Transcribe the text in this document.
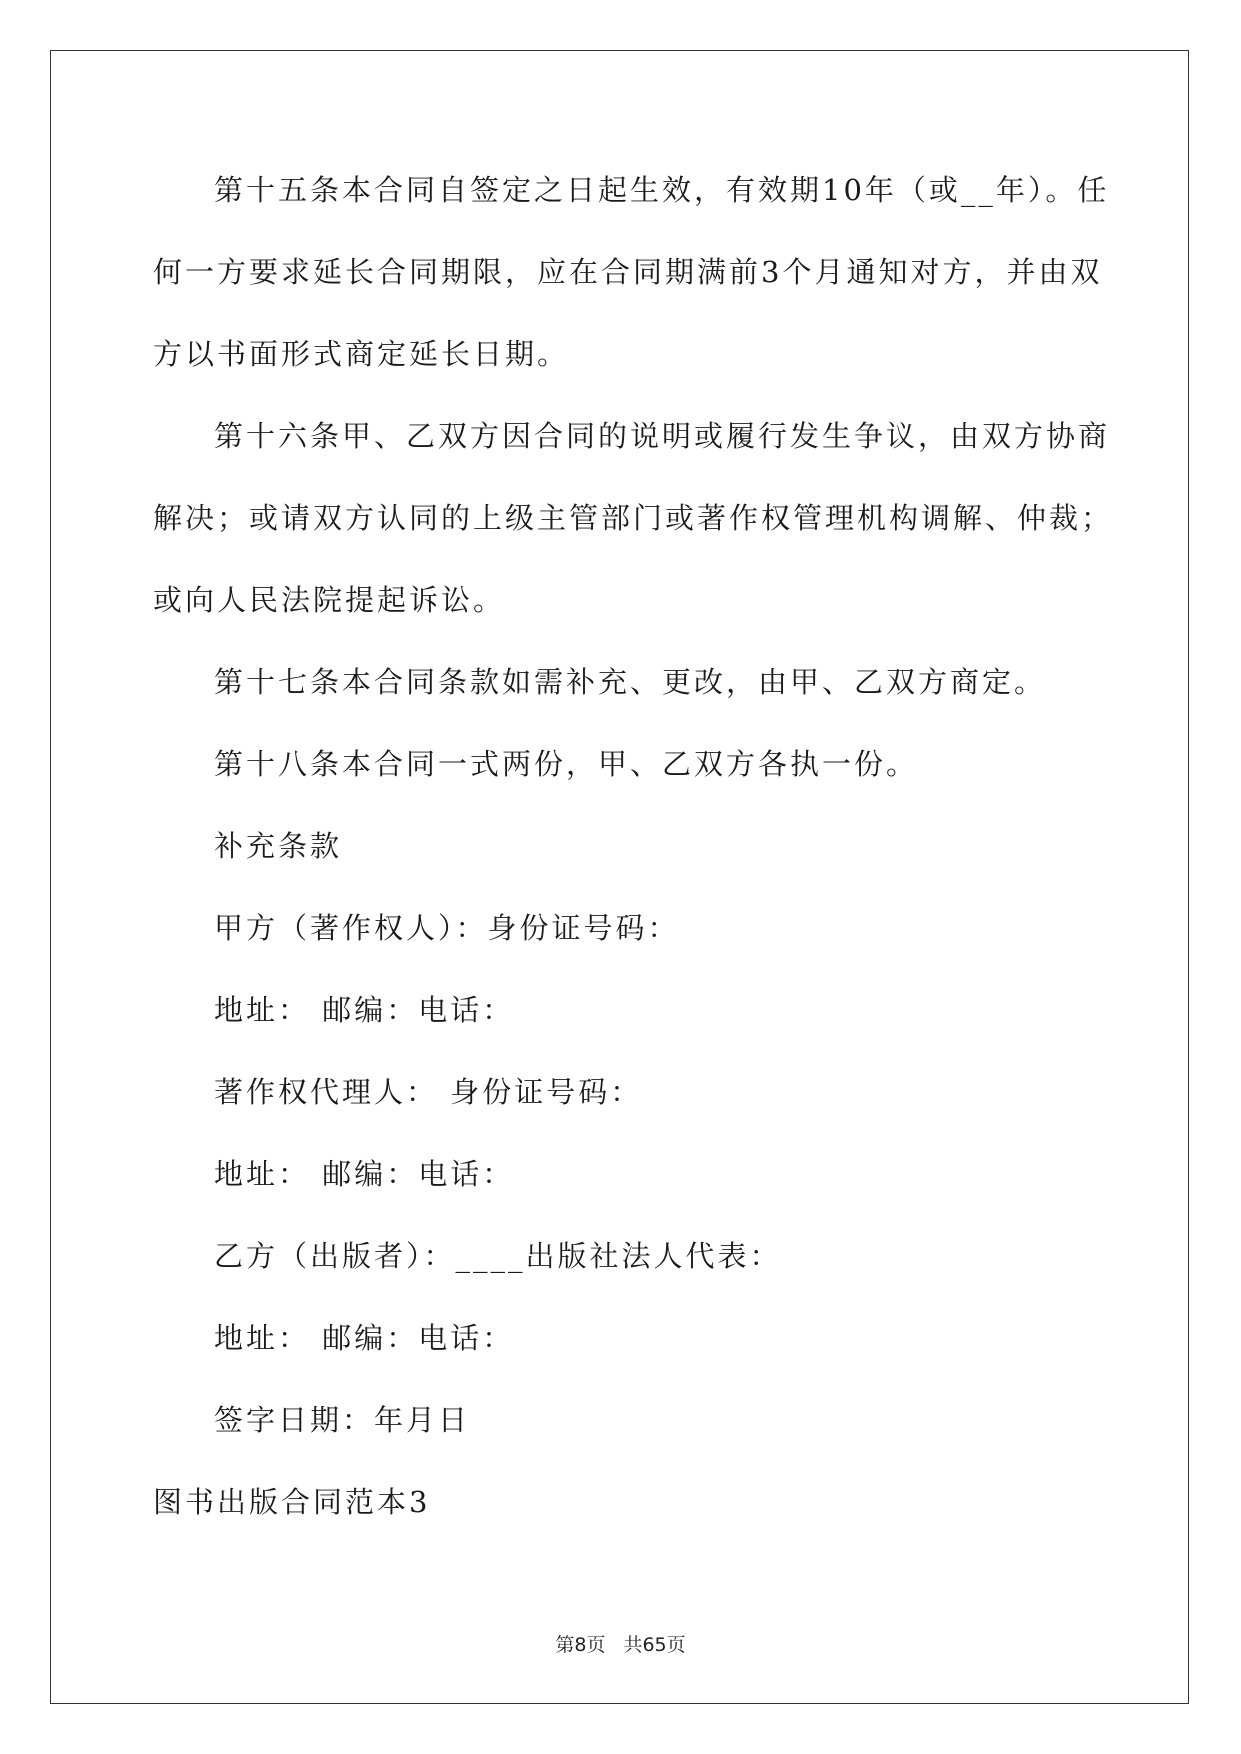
第十五条本合同自签定之日起生效，有效期10年（或__年）。任
何一方要求延长合同期限，应在合同期满前3个月通知对方，并由双
方以书面形式商定延长日期。
第十六条甲、乙双方因合同的说明或履行发生争议，由双方协商
解决；或请双方认同的上级主管部门或著作权管理机构调解、仲裁；
或向人民法院提起诉讼。
第十七条本合同条款如需补充、更改，由甲、乙双方商定。
第十八条本合同一式两份，甲、乙双方各执一份。
补充条款
甲方（著作权人）：身份证号码：
地址： 邮编：电话：
著作权代理人： 身份证号码：
地址： 邮编：电话：
乙方（出版者）：____出版社法人代表：
地址： 邮编：电话：
签字日期：年月日
图书出版合同范本3
第8页 共65页
